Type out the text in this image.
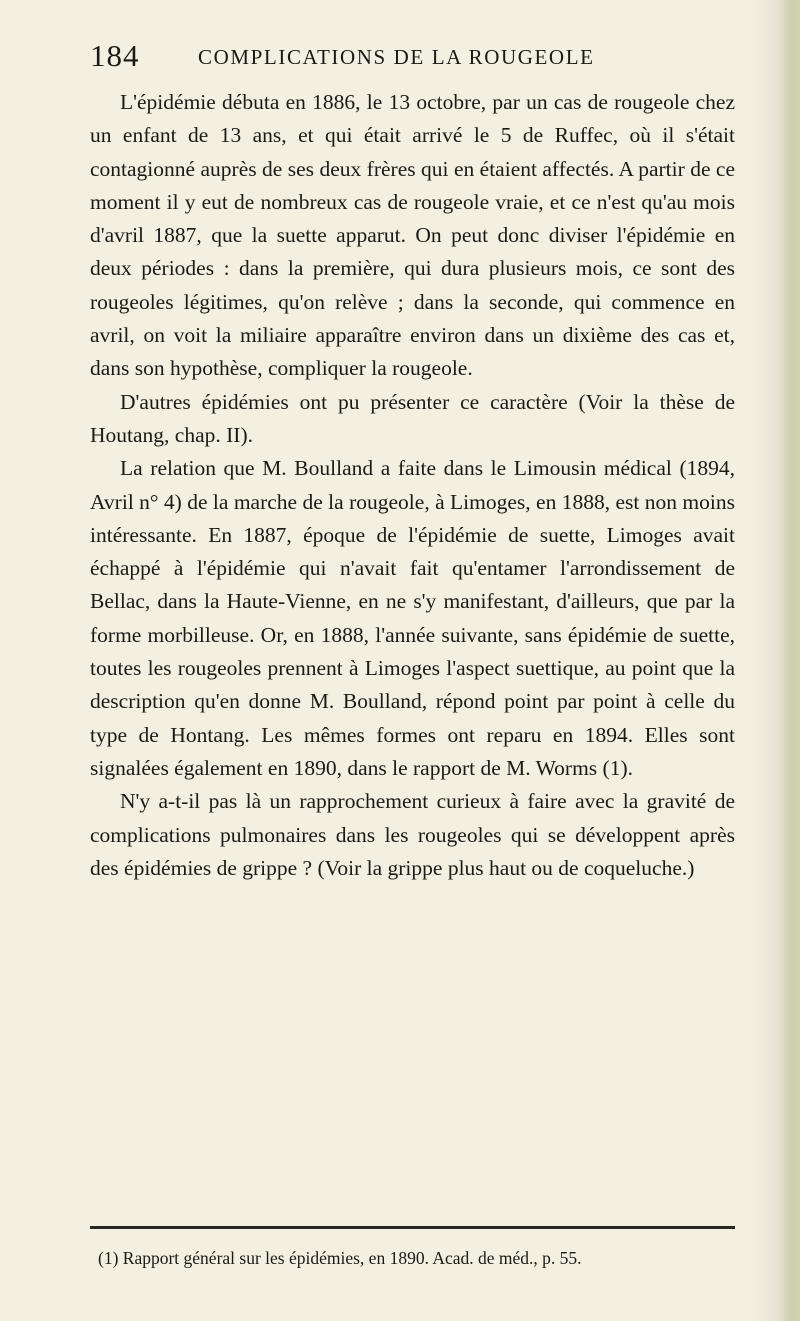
184	COMPLICATIONS DE LA ROUGEOLE

L'épidémie débuta en 1886, le 13 octobre, par un cas de rougeole chez un enfant de 13 ans, et qui était arrivé le 5 de Ruffec, où il s'était contagionné auprès de ses deux frères qui en étaient affectés. A partir de ce moment il y eut de nombreux cas de rougeole vraie, et ce n'est qu'au mois d'avril 1887, que la suette apparut. On peut donc diviser l'épidémie en deux périodes : dans la première, qui dura plusieurs mois, ce sont des rougeoles légitimes, qu'on relève ; dans la seconde, qui commence en avril, on voit la miliaire apparaître environ dans un dixième des cas et, dans son hypothèse, compliquer la rougeole.

D'autres épidémies ont pu présenter ce caractère (Voir la thèse de Houtang, chap. II).

La relation que M. Boulland a faite dans le Limousin médical (1894, Avril n° 4) de la marche de la rougeole, à Limoges, en 1888, est non moins intéressante. En 1887, époque de l'épidémie de suette, Limoges avait échappé à l'épidémie qui n'avait fait qu'entamer l'arrondissement de Bellac, dans la Haute-Vienne, en ne s'y manifestant, d'ailleurs, que par la forme morbilleuse. Or, en 1888, l'année suivante, sans épidémie de suette, toutes les rougeoles prennent à Limoges l'aspect suettique, au point que la description qu'en donne M. Boulland, répond point par point à celle du type de Hontang. Les mêmes formes ont reparu en 1894. Elles sont signalées également en 1890, dans le rapport de M. Worms (1).

N'y a-t-il pas là un rapprochement curieux à faire avec la gravité de complications pulmonaires dans les rougeoles qui se développent après des épidémies de grippe ? (Voir la grippe plus haut ou de coqueluche.)

(1) Rapport général sur les épidémies, en 1890. Acad. de méd., p. 55.
